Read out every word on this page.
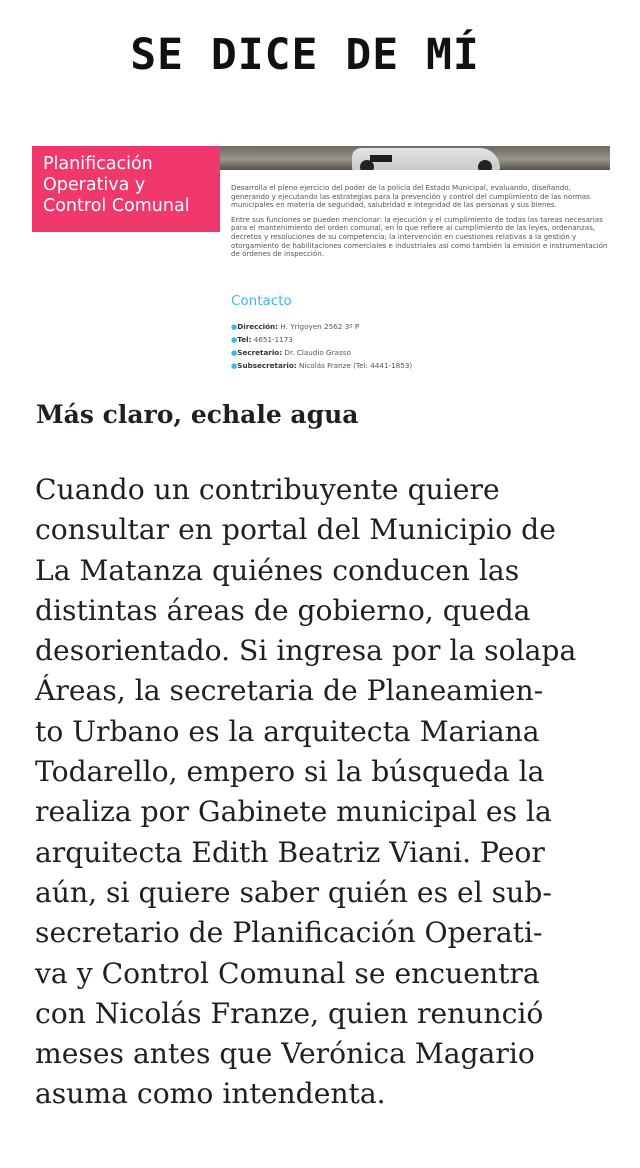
SE DICE DE MÍ
Planificación
Operativa y
Control Comunal

Desarrolla el pleno ejercicio del poder de la policía del Estado Municipal, evaluando, diseñando, generando y ejecutando las estrategias para la prevención y control del cumplimiento de las normas municipales en materia de seguridad, salubridad e integridad de las personas y sus bienes.

Entre sus funciones se pueden mencionar: la ejecución y el cumplimiento de todas las tareas necesarias para el mantenimiento del orden comunal, en lo que refiere al cumplimiento de las leyes, ordenanzas, decretos y resoluciones de su competencia; la intervención en cuestiones relativas a la gestión y otorgamiento de habilitaciones comerciales e industriales así como también la emisión e instrumentación de órdenes de inspección.

Contacto
●Dirección: H. Yrigoyen 2562 3º P
●Tel: 4651-1173
●Secretario: Dr. Claudio Grasso
●Subsecretario: Nicolás Franze (Tel: 4441-1853)
Más claro, echale agua

Cuando un contribuyente quiere
consultar en portal del Municipio de
La Matanza quiénes conducen las
distintas áreas de gobierno, queda
desorientado. Si ingresa por la solapa
Áreas, la secretaria de Planeamien-
to Urbano es la arquitecta Mariana
Todarello, empero si la búsqueda la
realiza por Gabinete municipal es la
arquitecta Edith Beatriz Viani. Peor
aún, si quiere saber quién es el sub-
secretario de Planificación Operati-
va y Control Comunal se encuentra
con Nicolás Franze, quien renunció
meses antes que Verónica Magario
asuma como intendenta.
